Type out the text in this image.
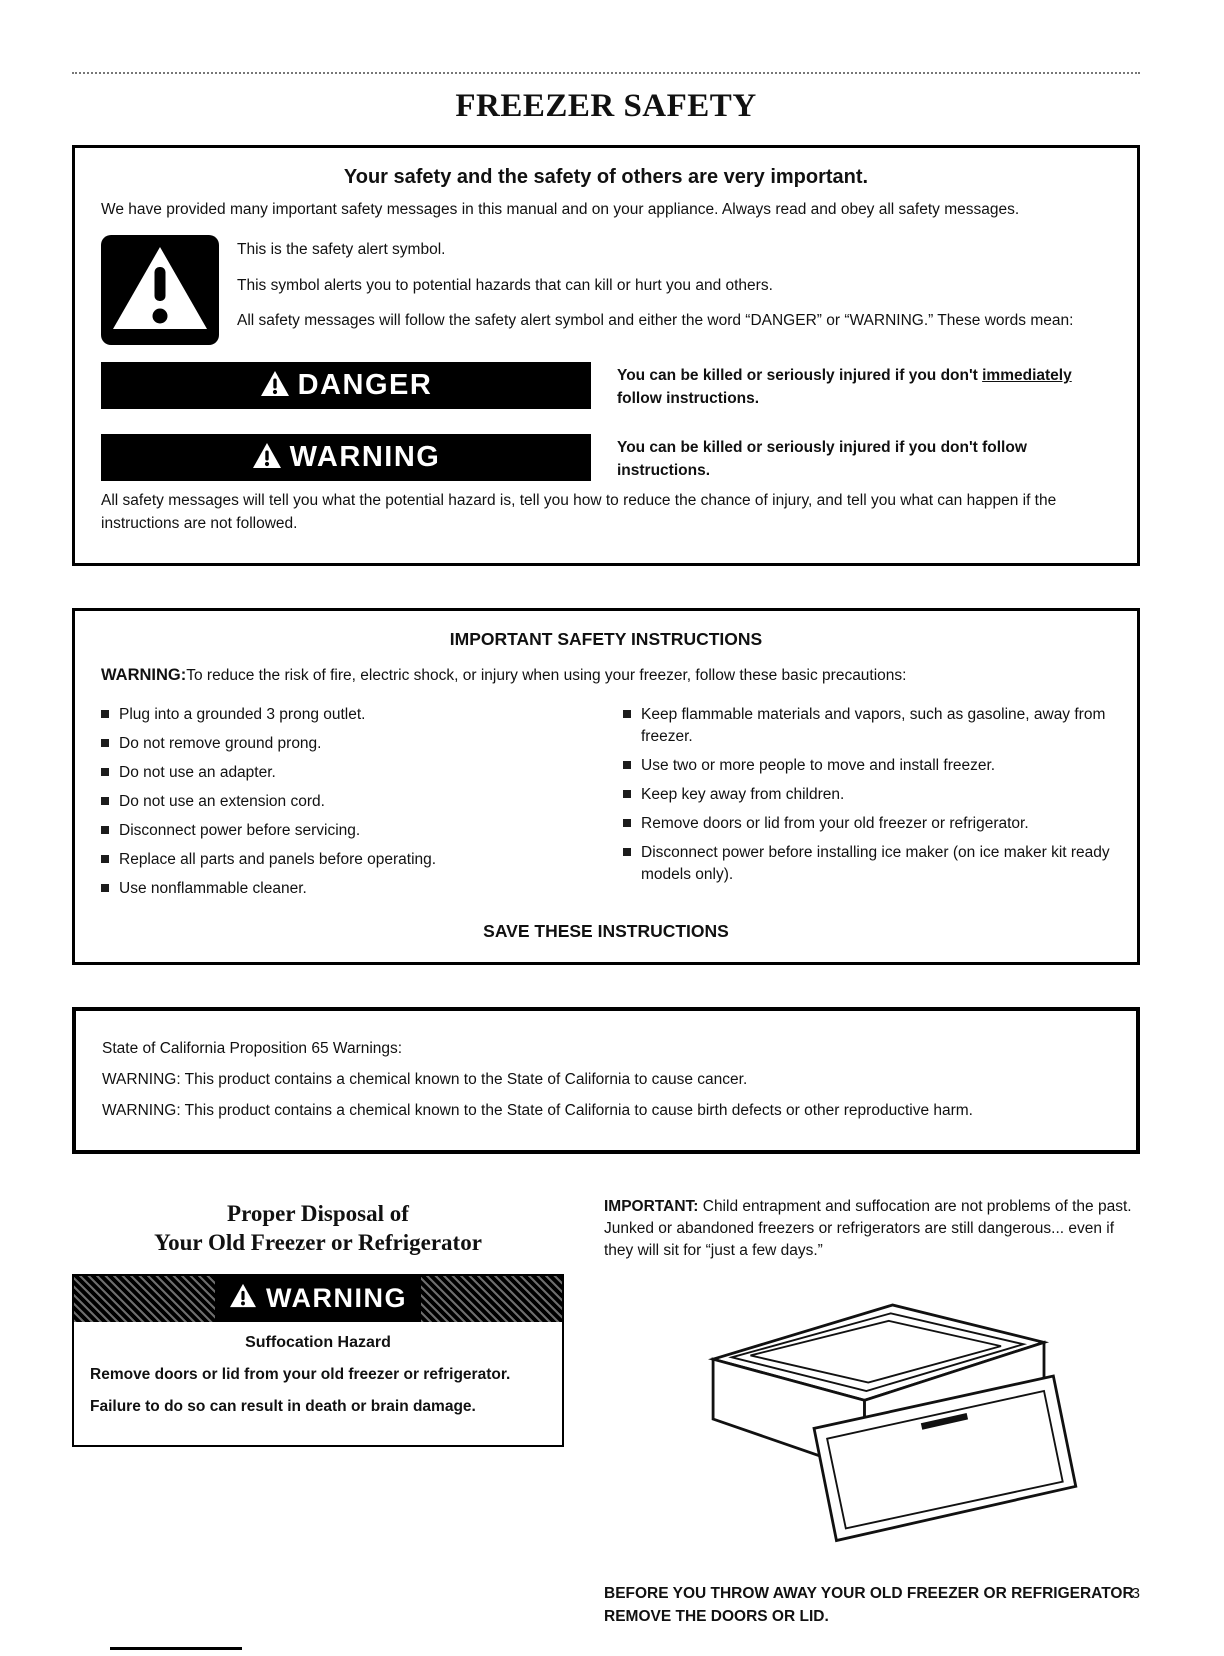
FREEZER SAFETY
Your safety and the safety of others are very important.

We have provided many important safety messages in this manual and on your appliance. Always read and obey all safety messages.

This is the safety alert symbol.

This symbol alerts you to potential hazards that can kill or hurt you and others.

All safety messages will follow the safety alert symbol and either the word “DANGER” or “WARNING.” These words mean:

DANGER	You can be killed or seriously injured if you don't immediately follow instructions.
WARNING	You can be killed or seriously injured if you don't follow instructions.

All safety messages will tell you what the potential hazard is, tell you how to reduce the chance of injury, and tell you what can happen if the instructions are not followed.

IMPORTANT SAFETY INSTRUCTIONS

WARNING:To reduce the risk of fire, electric shock, or injury when using your freezer, follow these basic precautions:

Plug into a grounded 3 prong outlet.
Do not remove ground prong.
Do not use an adapter.
Do not use an extension cord.
Disconnect power before servicing.
Replace all parts and panels before operating.
Use nonflammable cleaner.
Keep flammable materials and vapors, such as gasoline, away from freezer.
Use two or more people to move and install freezer.
Keep key away from children.
Remove doors or lid from your old freezer or refrigerator.
Disconnect power before installing ice maker (on ice maker kit ready models only).
SAVE THESE INSTRUCTIONS

State of California Proposition 65 Warnings:

WARNING: This product contains a chemical known to the State of California to cause cancer.

WARNING: This product contains a chemical known to the State of California to cause birth defects or other reproductive harm.

Proper Disposal of
Your Old Freezer or Refrigerator
WARNING
Suffocation Hazard

Remove doors or lid from your old freezer or refrigerator.

Failure to do so can result in death or brain damage.

IMPORTANT: Child entrapment and suffocation are not problems of the past. Junked or abandoned freezers or refrigerators are still dangerous... even if they will sit for “just a few days.”

BEFORE YOU THROW AWAY YOUR OLD FREEZER OR REFRIGERATOR REMOVE THE DOORS OR LID.

3
